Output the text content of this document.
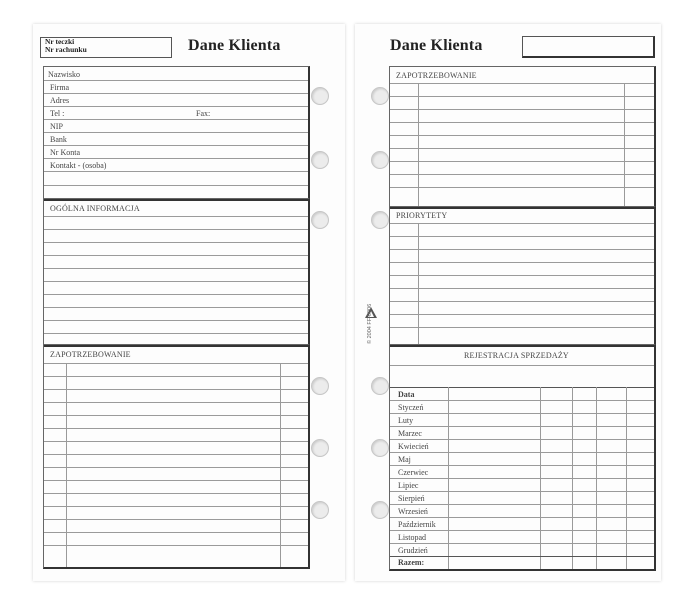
Nr teczki
Nr rachunku	Dane Klienta
Nazwisko
Firma
Adres
Tel :	Fax:
NIP
Bank
Nr Konta
Kontakt - (osoba)
OGÓLNA INFORMACJA
ZAPOTRZEBOWANIE
Dane Klienta
ZAPOTRZEBOWANIE
PRIORYTETY
REJESTRACJA SPRZEDAŻY
Data
Styczeń
Luty
Marzec
Kwiecień
Maj
Czerwiec
Lipiec
Sierpień
Wrzesień
Październik
Listopad
Grudzień
Razem:
© 2004 FF-0006
